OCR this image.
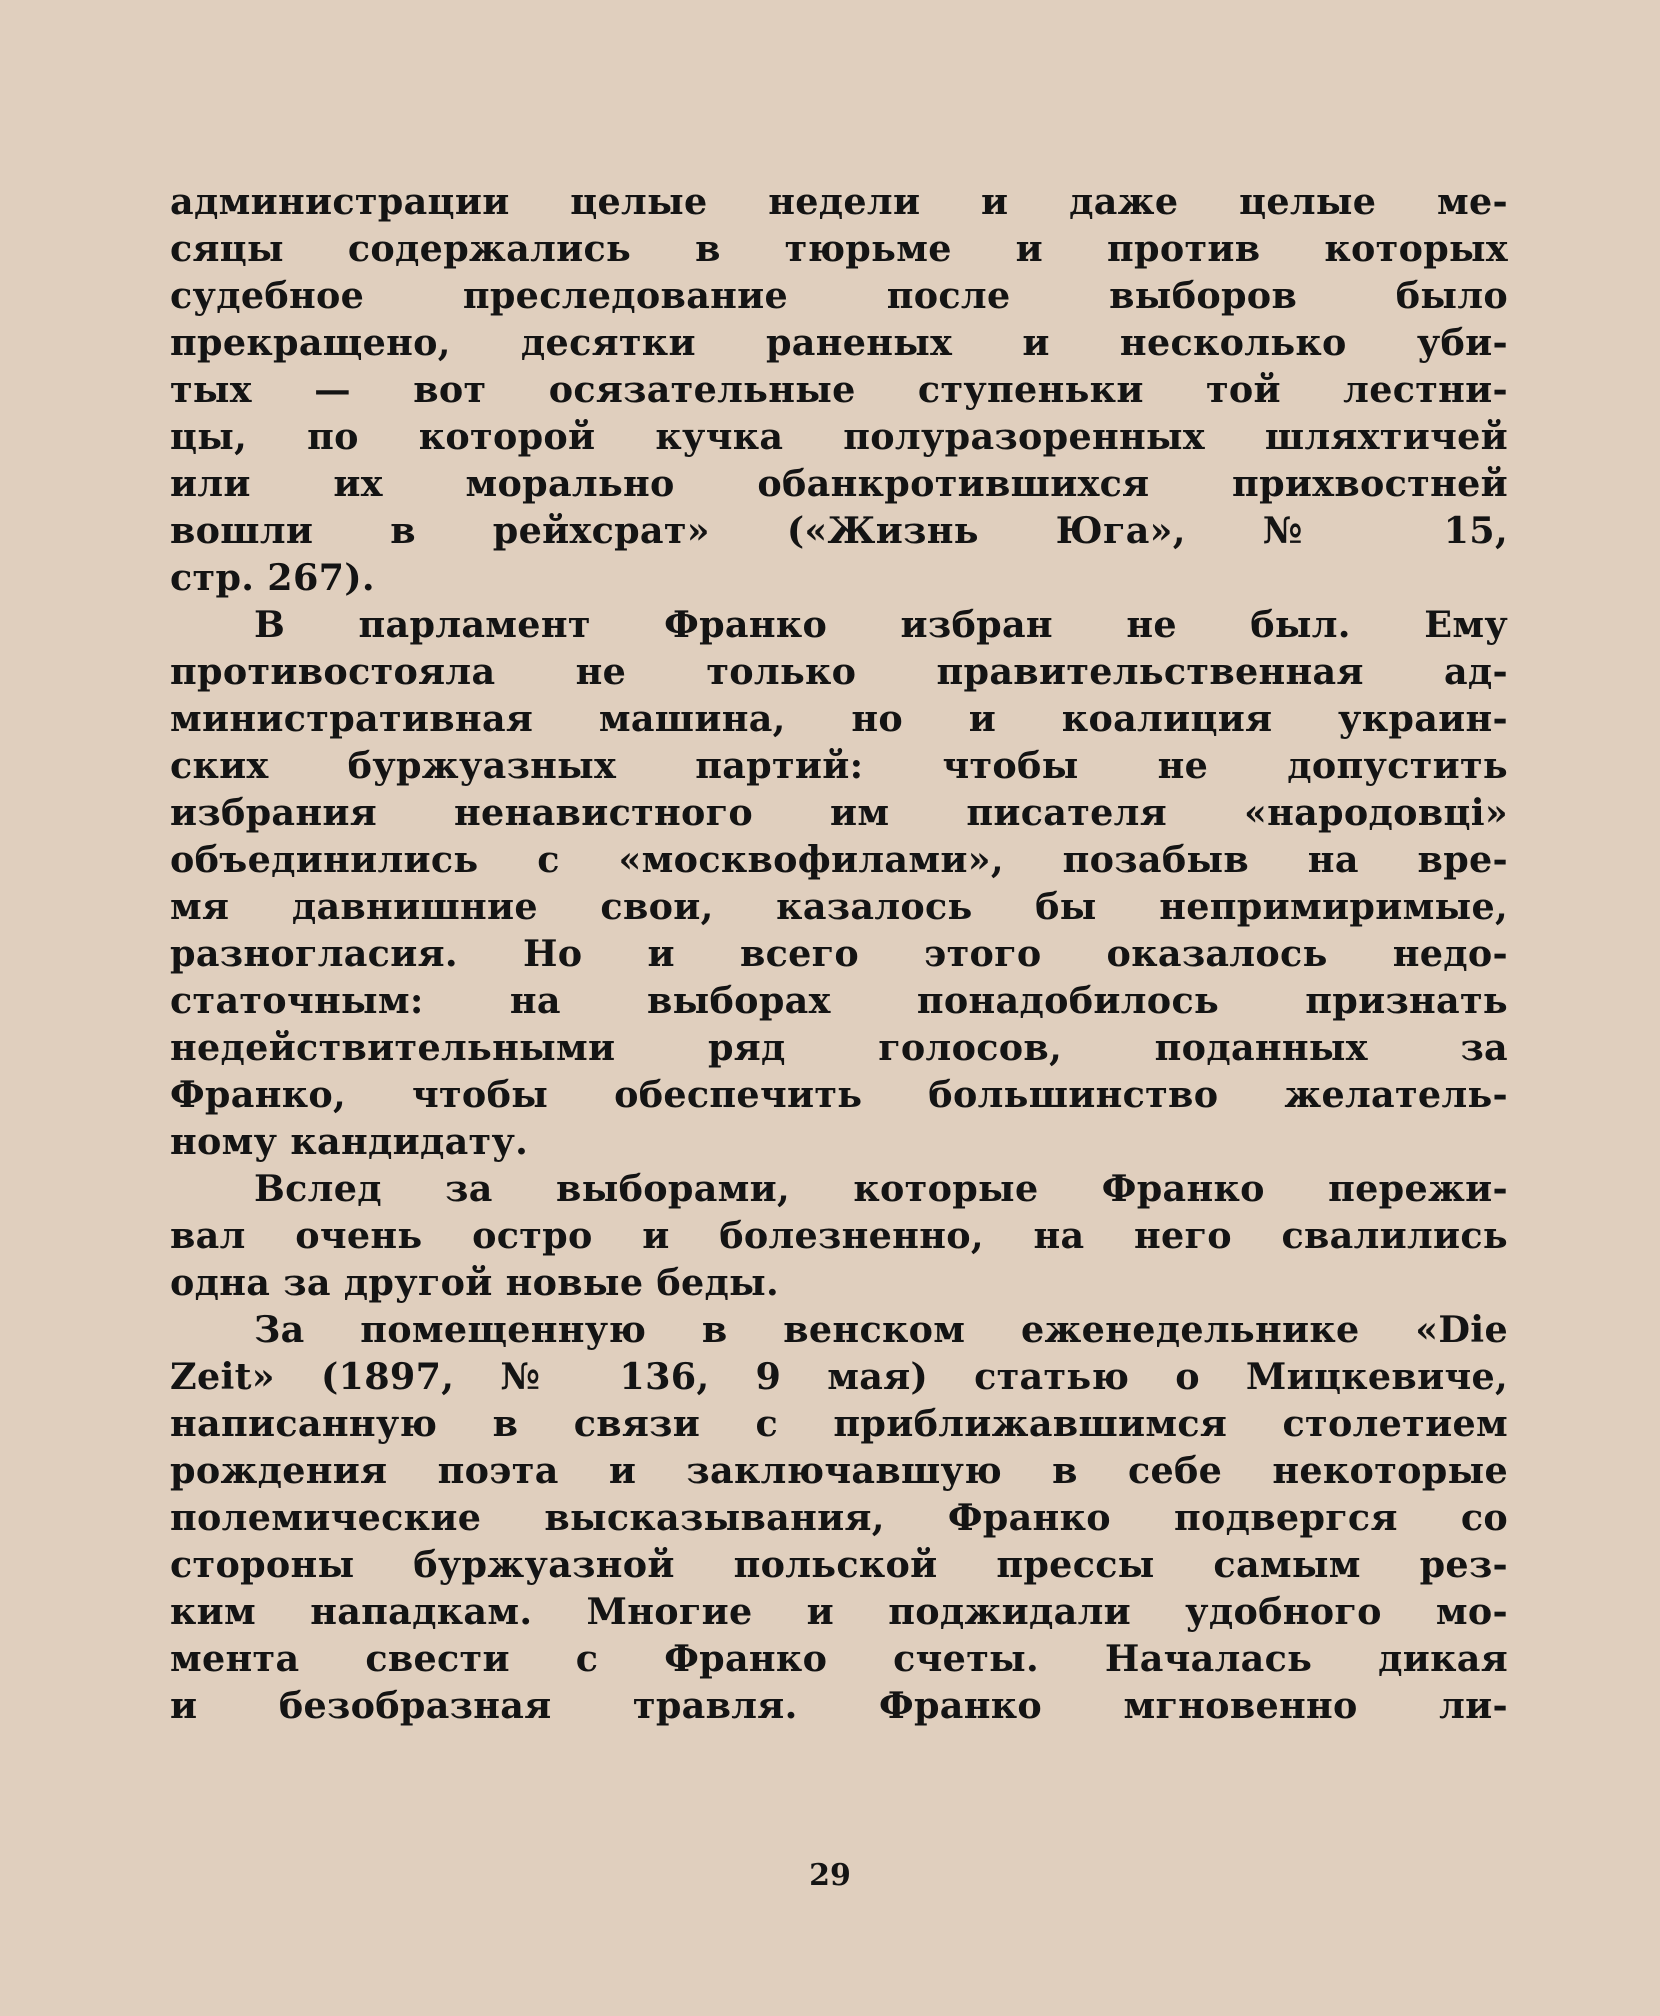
администрации целые недели и даже целые ме-
сяцы содержались в тюрьме и против которых
судебное преследование после выборов было
прекращено, десятки раненых и несколько уби-
тых — вот осязательные ступеньки той лестни-
цы, по которой кучка полуразоренных шляхтичей
или их морально обанкротившихся прихвостней
вошли в рейхсрат» («Жизнь Юга», № 15,
стр. 267).
В парламент Франко избран не был. Ему
противостояла не только правительственная ад-
министративная машина, но и коалиция украин-
ских буржуазных партий: чтобы не допустить
избрания ненавистного им писателя «народовці»
объединились с «москвофилами», позабыв на вре-
мя давнишние свои, казалось бы непримиримые,
разногласия. Но и всего этого оказалось недо-
статочным: на выборах понадобилось признать
недействительными ряд голосов, поданных за
Франко, чтобы обеспечить большинство желатель-
ному кандидату.
Вслед за выборами, которые Франко пережи-
вал очень остро и болезненно, на него свалились
одна за другой новые беды.
За помещенную в венском еженедельнике «Die
Zeit» (1897, № 136, 9 мая) статью о Мицкевиче,
написанную в связи с приближавшимся столетием
рождения поэта и заключавшую в себе некоторые
полемические высказывания, Франко подвергся со
стороны буржуазной польской прессы самым рез-
ким нападкам. Многие и поджидали удобного мо-
мента свести с Франко счеты. Началась дикая
и безобразная травля. Франко мгновенно ли-
29
